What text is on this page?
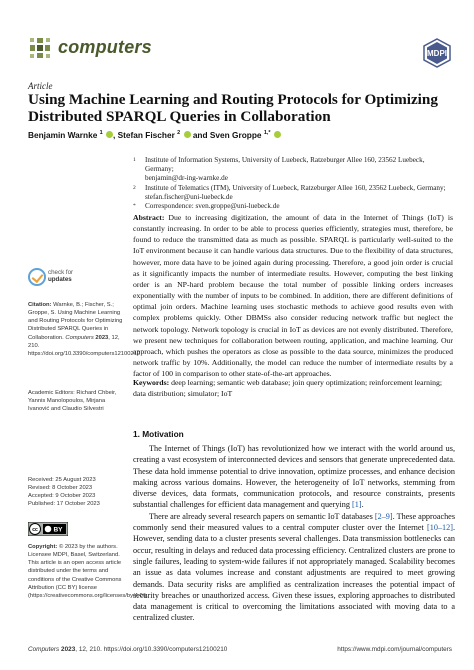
computers	MDPI
Article
Using Machine Learning and Routing Protocols for Optimizing
Distributed SPARQL Queries in Collaboration
Benjamin Warnke $^1$ , Stefan Fischer $^2$ and Sven Groppe $^{1,*}$
1 Institute of Information Systems, University of Luebeck, Ratzeburger Allee 160, 23562 Luebeck, Germany;
benjamin@dr-ing-warnke.de
2 Institute of Telematics (ITM), University of Luebeck, Ratzeburger Allee 160, 23562 Luebeck, Germany;
stefan.fischer@uni-luebeck.de
* Correspondence: sven.groppe@uni-luebeck.de
Abstract: Due to increasing digitization, the amount of data in the Internet of Things (IoT) is constantly increasing. In order to be able to process queries efficiently, strategies must, therefore, be found to reduce the transmitted data as much as possible. SPARQL is particularly well-suited to the IoT environment because it can handle various data structures. Due to the flexibility of data structures, however, more data have to be joined again during processing. Therefore, a good join order is crucial as it significantly impacts the number of intermediate results. However, computing the best linking order is an NP-hard problem because the total number of possible linking orders increases exponentially with the number of inputs to be combined. In addition, there are different definitions of optimal join orders. Machine learning uses stochastic methods to achieve good results even with complex problems quickly. Other DBMSs also consider reducing network traffic but neglect the network topology. Network topology is crucial in IoT as devices are not evenly distributed. Therefore, we present new techniques for collaboration between routing, application, and machine learning. Our approach, which pushes the operators as close as possible to the data source, minimizes the produced network traffic by 10%. Additionally, the model can reduce the number of intermediate results by a factor of 100 in comparison to other state-of-the-art approaches.
Keywords: deep learning; semantic web database; join query optimization; reinforcement learning; data distribution; simulator; IoT
check for
updates
Citation: Warnke, B.; Fischer, S.; Groppe, S. Using Machine Learning and Routing Protocols for Optimizing Distributed SPARQL Queries in Collaboration. Computers 2023, 12, 210. https://doi.org/10.3390/computers12100210
Academic Editors: Richard Chbeir, Yannis Manolopoulos, Mirjana Ivanović and Claudio Silvestri
Received: 25 August 2023
Revised: 8 October 2023
Accepted: 9 October 2023
Published: 17 October 2023
cc BY
Copyright: © 2023 by the authors. Licensee MDPI, Basel, Switzerland. This article is an open access article distributed under the terms and conditions of the Creative Commons Attribution (CC BY) license (https://creativecommons.org/licenses/by/4.0/).
1. Motivation

The Internet of Things (IoT) has revolutionized how we interact with the world around us, creating a vast ecosystem of interconnected devices and sensors that generate unprecedented data. These data hold immense potential to drive innovation, optimize processes, and enhance decision making across various domains. However, the heterogeneity of IoT networks, stemming from diverse devices, data formats, communication protocols, and resource constraints, presents substantial challenges for efficient data management and querying [1].

There are already several research papers on semantic IoT databases [2–9]. These approaches commonly send their measured values to a central computer cluster over the Internet [10–12]. However, sending data to a cluster presents several challenges. Data transmission bottlenecks can occur, resulting in delays and reduced data processing efficiency. Centralized clusters are prone to single failures, leading to system-wide failures if not appropriately managed. Scalability becomes an issue as data volumes increase and constant adjustments are required to meet growing demands. Data security risks are amplified as centralization increases the potential impact of security breaches or unauthorized access. Given these issues, exploring approaches to distributed data management is critical to overcoming the limitations associated with moving data to a centralized cluster.

Computers 2023, 12, 210. https://doi.org/10.3390/computers12100210	https://www.mdpi.com/journal/computers
